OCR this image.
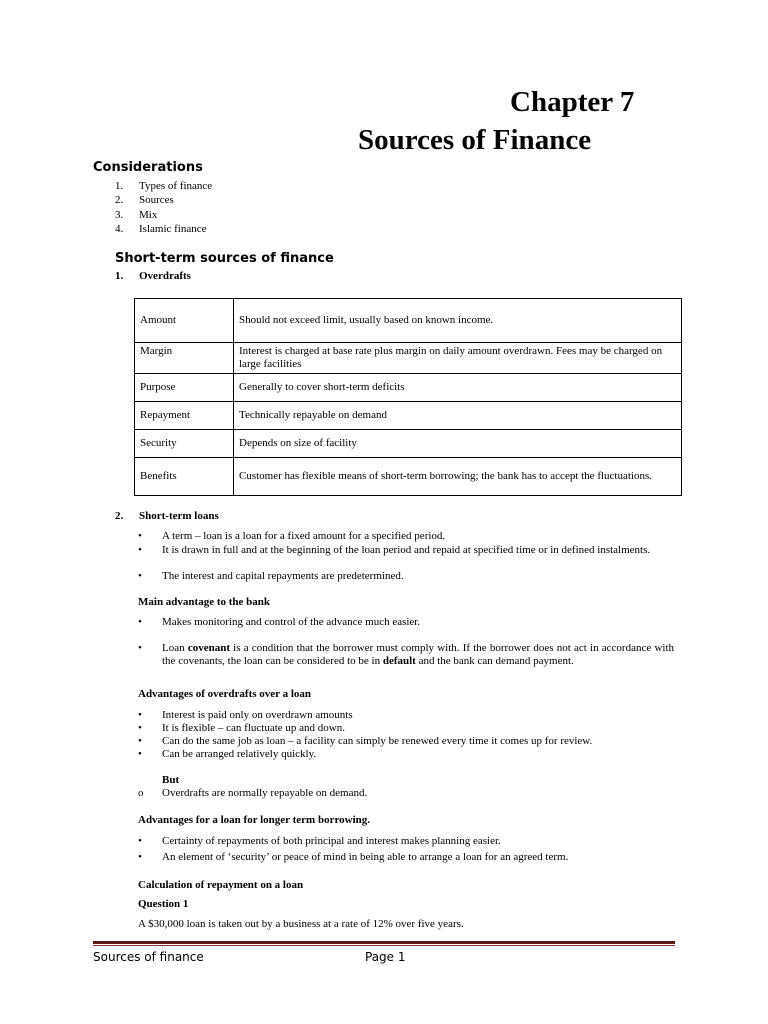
Chapter 7
Sources of Finance
Considerations
1. Types of finance
2. Sources
3. Mix
4. Islamic finance
Short-term sources of finance
1. Overdrafts
Amount	Should not exceed limit, usually based on known income.
Margin	Interest is charged at base rate plus margin on daily amount overdrawn. Fees may be charged on large facilities
Purpose	Generally to cover short-term deficits
Repayment	Technically repayable on demand
Security	Depends on size of facility
Benefits	Customer has flexible means of short-term borrowing; the bank has to accept the fluctuations.
2. Short-term loans
• A term – loan is a loan for a fixed amount for a specified period.
• It is drawn in full and at the beginning of the loan period and repaid at specified time or in defined instalments.
• The interest and capital repayments are predetermined.
Main advantage to the bank
• Makes monitoring and control of the advance much easier.
• Loan covenant is a condition that the borrower must comply with. If the borrower does not act in accordance with the covenants, the loan can be considered to be in default and the bank can demand payment.
Advantages of overdrafts over a loan
• Interest is paid only on overdrawn amounts
• It is flexible – can fluctuate up and down.
• Can do the same job as loan – a facility can simply be renewed every time it comes up for review.
• Can be arranged relatively quickly.
But
o Overdrafts are normally repayable on demand.
Advantages for a loan for longer term borrowing.
• Certainty of repayments of both principal and interest makes planning easier.
• An element of ‘security’ or peace of mind in being able to arrange a loan for an agreed term.
Calculation of repayment on a loan
Question 1
A $30,000 loan is taken out by a business at a rate of 12% over five years.
Sources of finance	Page 1
